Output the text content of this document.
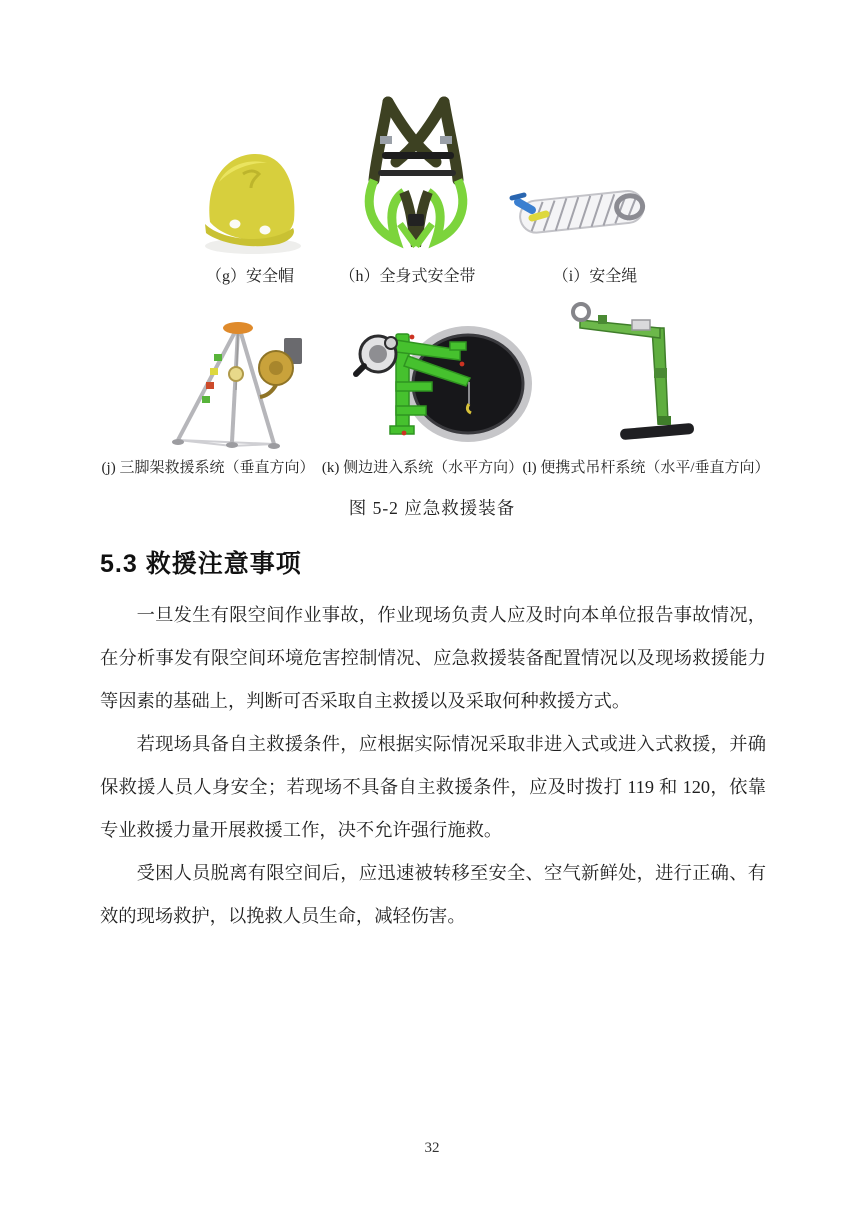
（g）安全帽	（h）全身式安全带	（i）安全绳
(j) 三脚架救援系统（垂直方向） (k) 侧边进入系统（水平方向） (l) 便携式吊杆系统（水平/垂直方向）
图 5-2 应急救援装备
5.3 救援注意事项

一旦发生有限空间作业事故，作业现场负责人应及时向本单位报告事故情况，在分析事发有限空间环境危害控制情况、应急救援装备配置情况以及现场救援能力等因素的基础上，判断可否采取自主救援以及采取何种救援方式。

若现场具备自主救援条件，应根据实际情况采取非进入式或进入式救援，并确保救援人员人身安全；若现场不具备自主救援条件，应及时拨打 119 和 120，依靠专业救援力量开展救援工作，决不允许强行施救。

受困人员脱离有限空间后，应迅速被转移至安全、空气新鲜处，进行正确、有效的现场救护，以挽救人员生命，减轻伤害。

32
